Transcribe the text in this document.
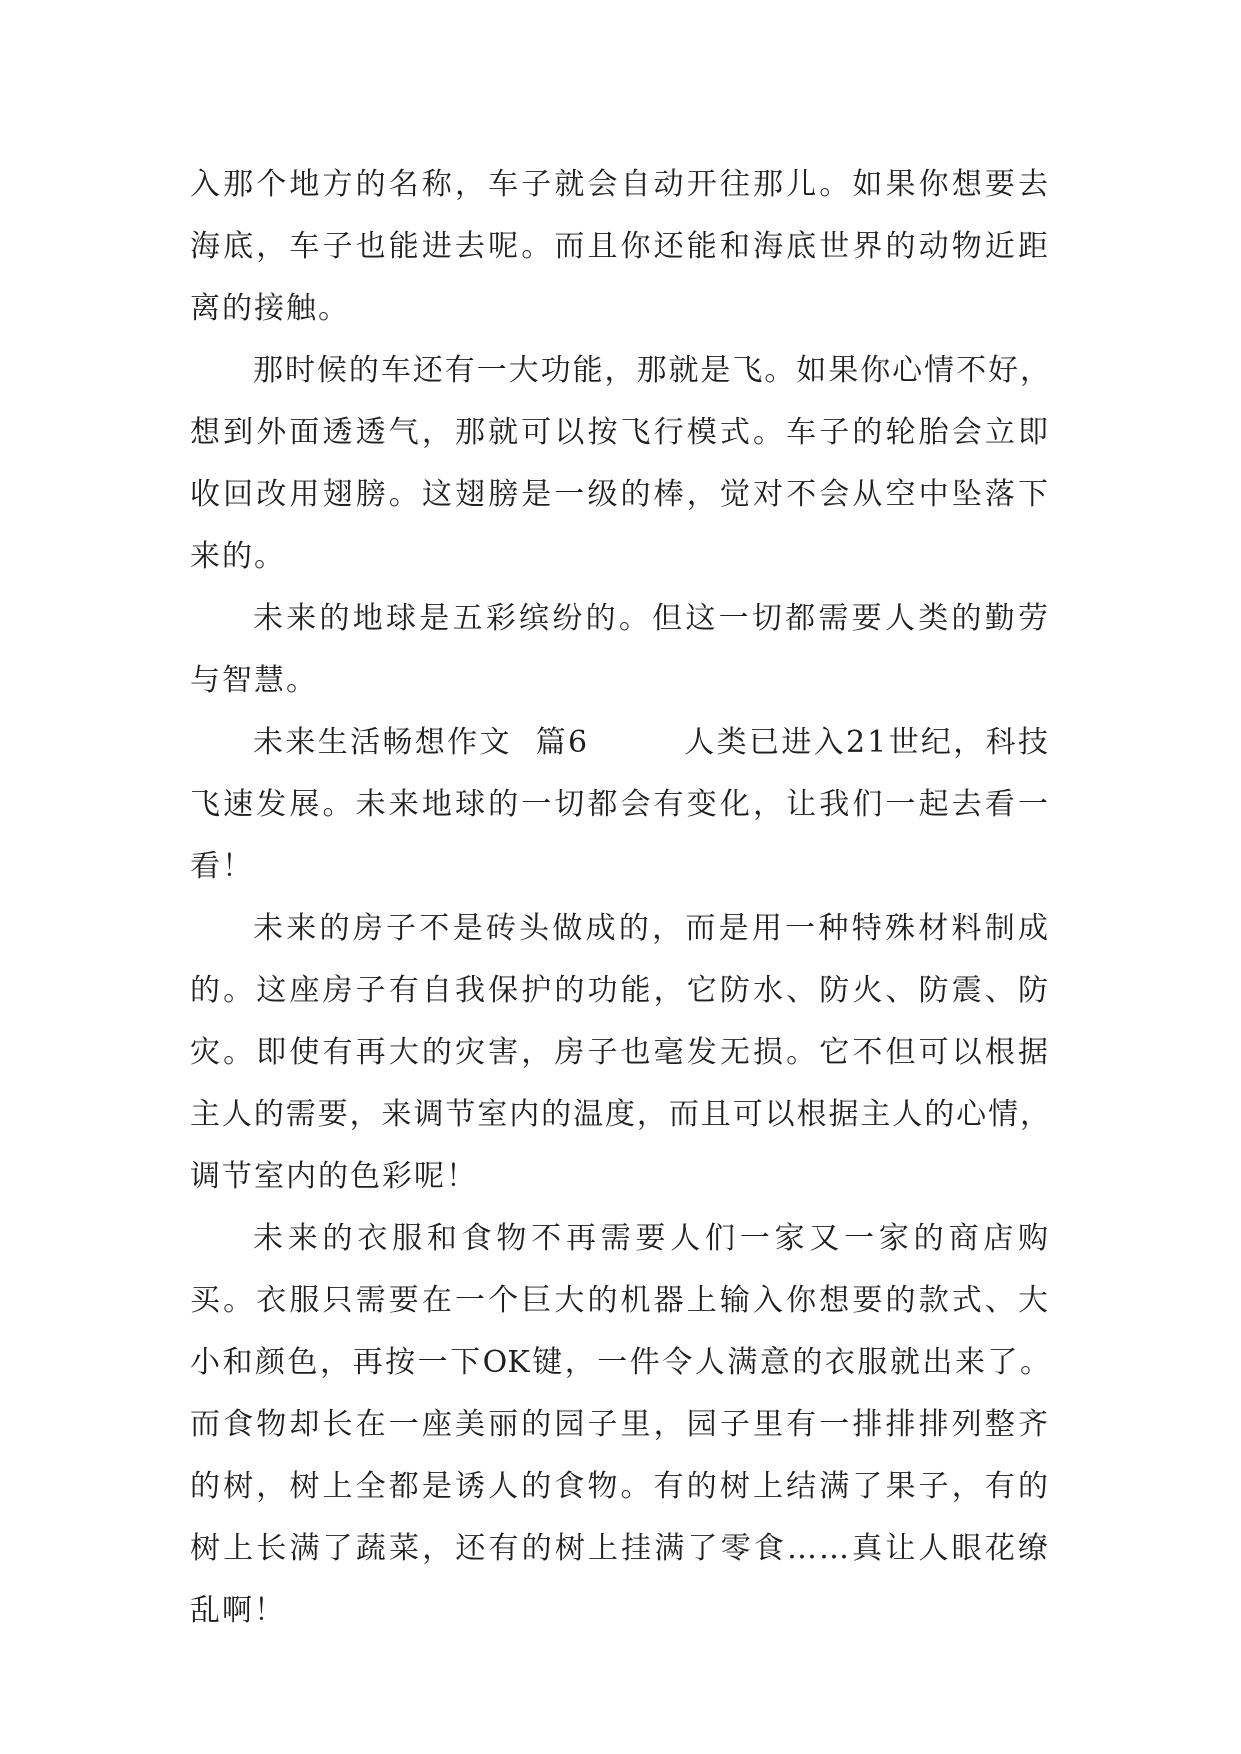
入那个地方的名称，车子就会自动开往那儿。如果你想要去
海底，车子也能进去呢。而且你还能和海底世界的动物近距
离的接触。
那时候的车还有一大功能，那就是飞。如果你心情不好，
想到外面透透气，那就可以按飞行模式。车子的轮胎会立即
收回改用翅膀。这翅膀是一级的棒，觉对不会从空中坠落下
来的。
未来的地球是五彩缤纷的。但这一切都需要人类的勤劳
与智慧。
未来生活畅想作文  篇6        人类已进入21世纪，科技
飞速发展。未来地球的一切都会有变化，让我们一起去看一
看！
未来的房子不是砖头做成的，而是用一种特殊材料制成
的。这座房子有自我保护的功能，它防水、防火、防震、防
灾。即使有再大的灾害，房子也毫发无损。它不但可以根据
主人的需要，来调节室内的温度，而且可以根据主人的心情，
调节室内的色彩呢！
未来的衣服和食物不再需要人们一家又一家的商店购
买。衣服只需要在一个巨大的机器上输入你想要的款式、大
小和颜色，再按一下OK键，一件令人满意的衣服就出来了。
而食物却长在一座美丽的园子里，园子里有一排排排列整齐
的树，树上全都是诱人的食物。有的树上结满了果子，有的
树上长满了蔬菜，还有的树上挂满了零食……真让人眼花缭
乱啊！
